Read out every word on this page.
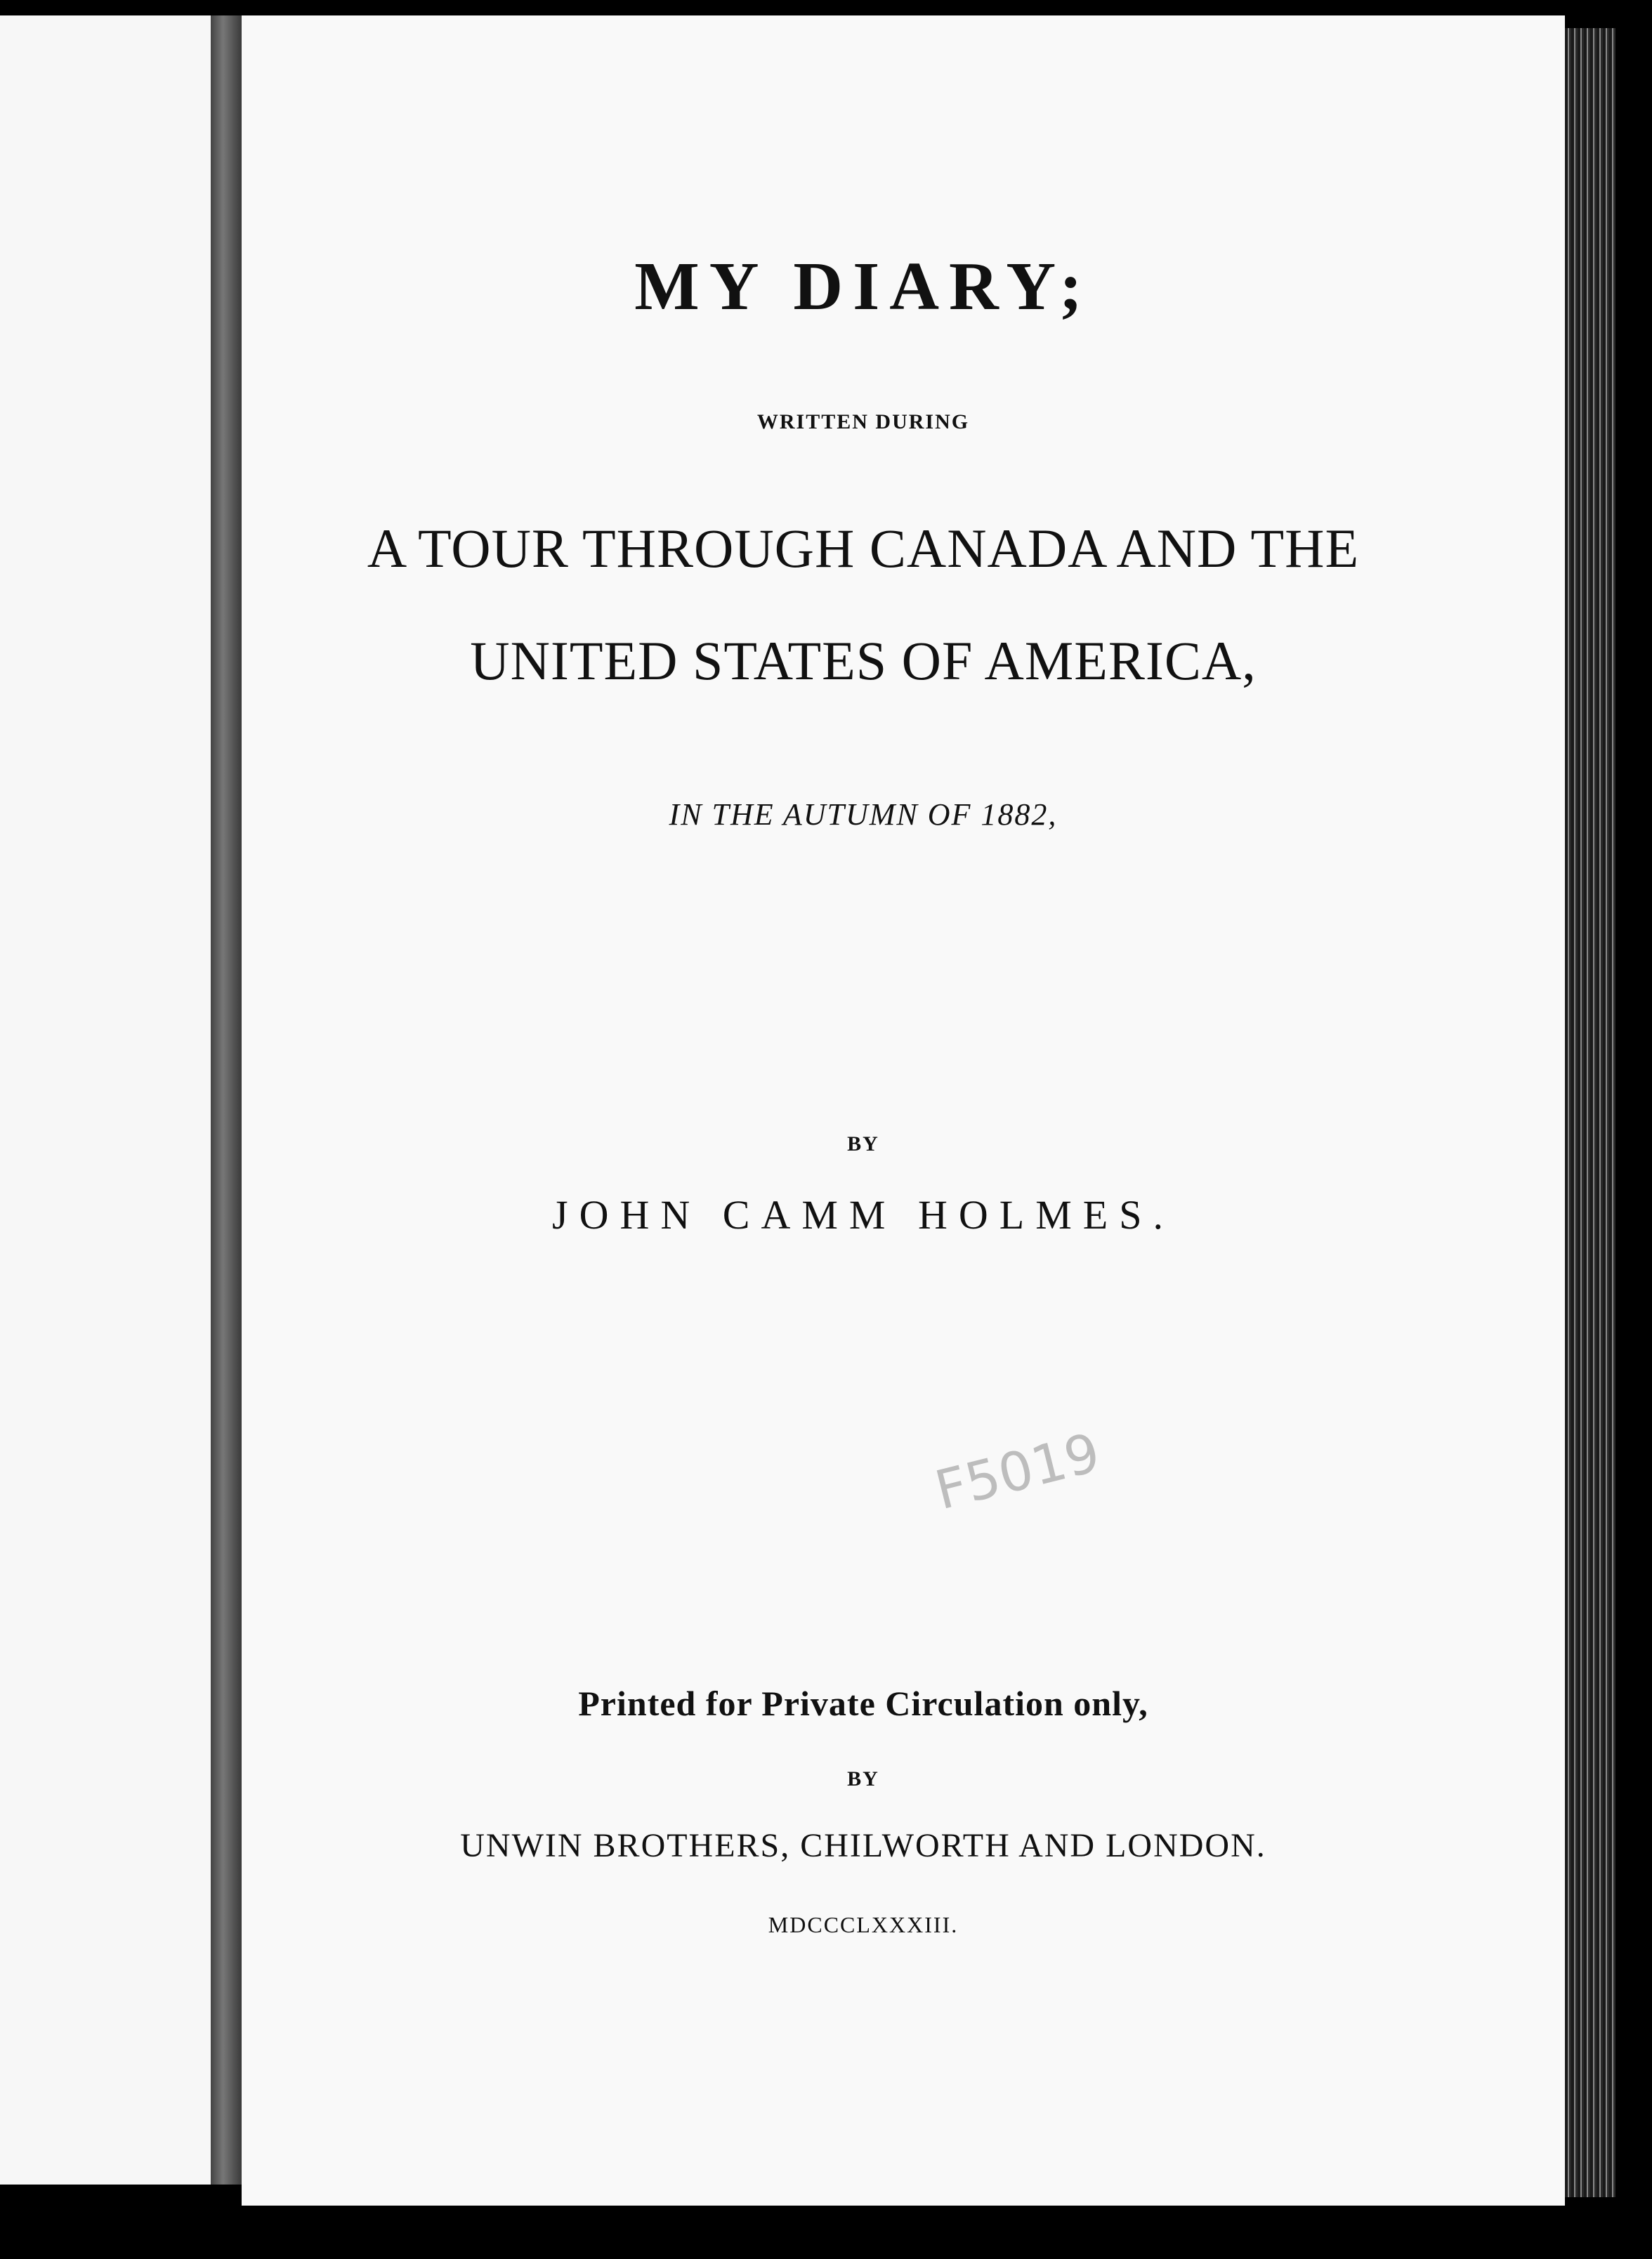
MY DIARY;
WRITTEN DURING
A TOUR THROUGH CANADA AND THE
UNITED STATES OF AMERICA,
IN THE AUTUMN OF 1882,
BY
JOHN CAMM HOLMES.
F5019
Printed for Private Circulation only,
BY
UNWIN BROTHERS, CHILWORTH AND LONDON.
MDCCCLXXXIII.
